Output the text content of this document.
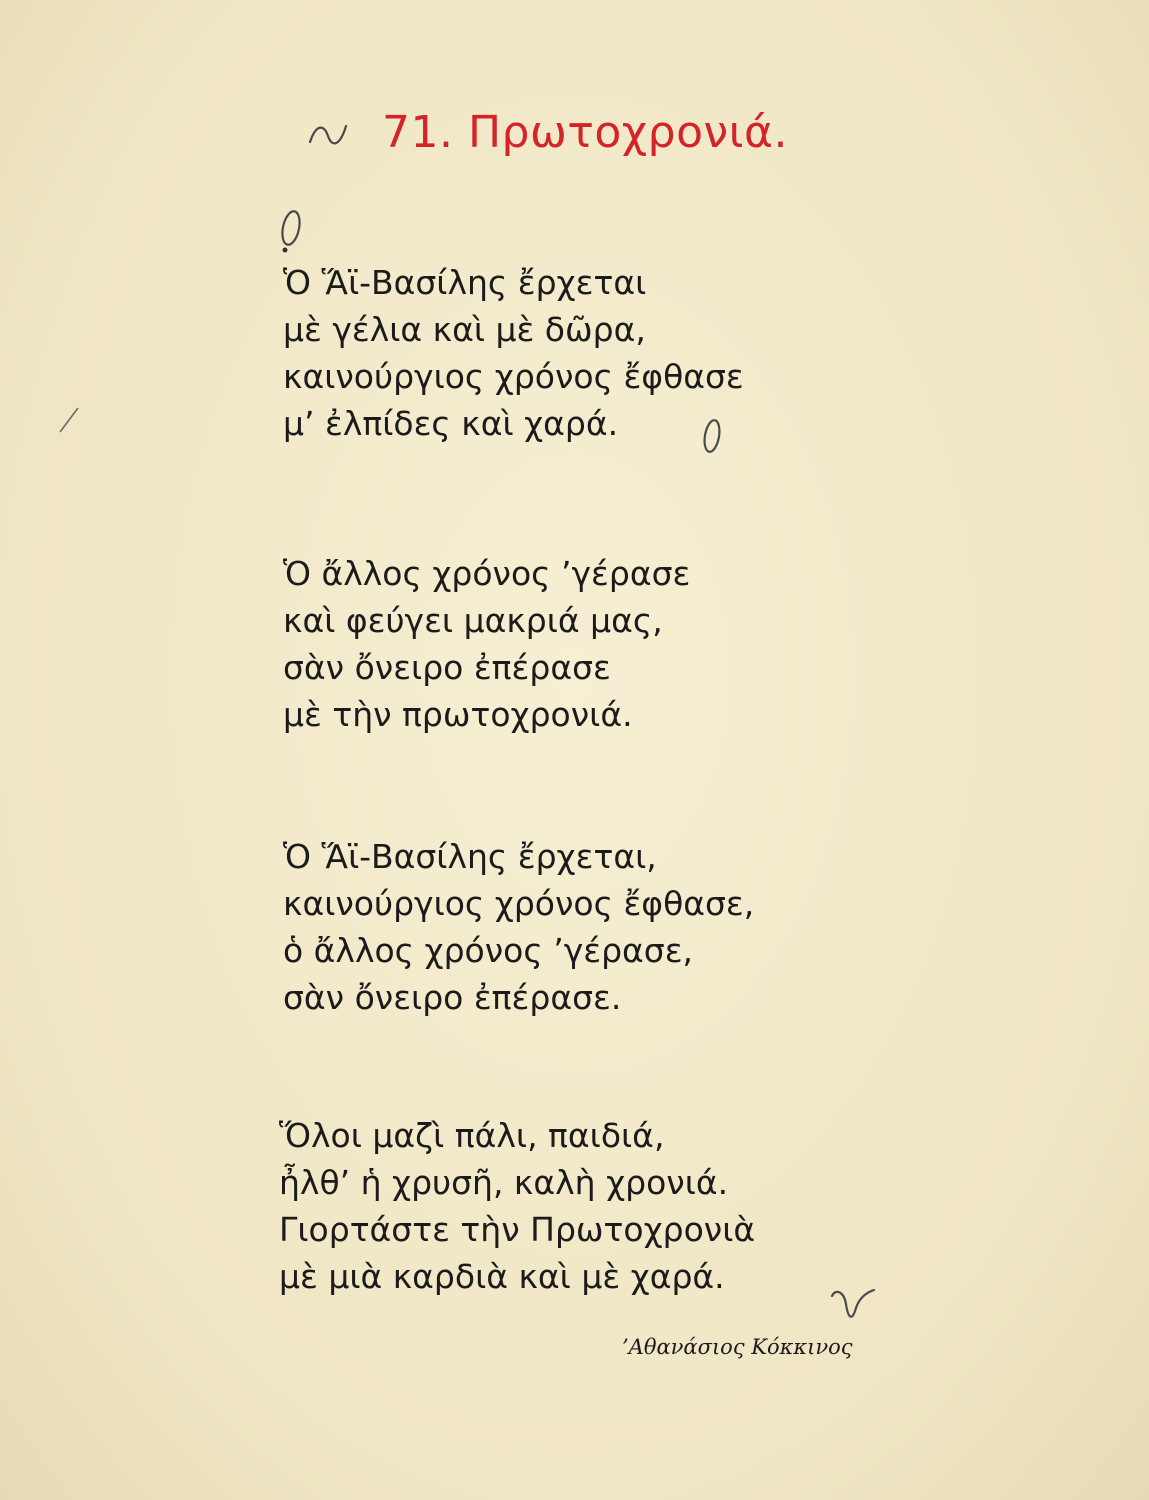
71. Πρωτοχρονιά.
Ὁ Ἅϊ-Βασίλης ἔρχεται
μὲ γέλια καὶ μὲ δῶρα,
καινούργιος χρόνος ἔφθασε
μ’ ἐλπίδες καὶ χαρά.
Ὁ ἄλλος χρόνος ’γέρασε
καὶ φεύγει μακριά μας,
σὰν ὄνειρο ἐπέρασε
μὲ τὴν πρωτοχρονιά.
Ὁ Ἅϊ-Βασίλης ἔρχεται,
καινούργιος χρόνος ἔφθασε,
ὁ ἄλλος χρόνος ’γέρασε,
σὰν ὄνειρο ἐπέρασε.
Ὅλοι μαζὶ πάλι, παιδιά,
ἦλθ’ ἡ χρυσῆ, καλὴ χρονιά.
Γιορτάστε τὴν Πρωτοχρονιὰ
μὲ μιὰ καρδιὰ καὶ μὲ χαρά.
’Αθανάσιος Κόκκινος
